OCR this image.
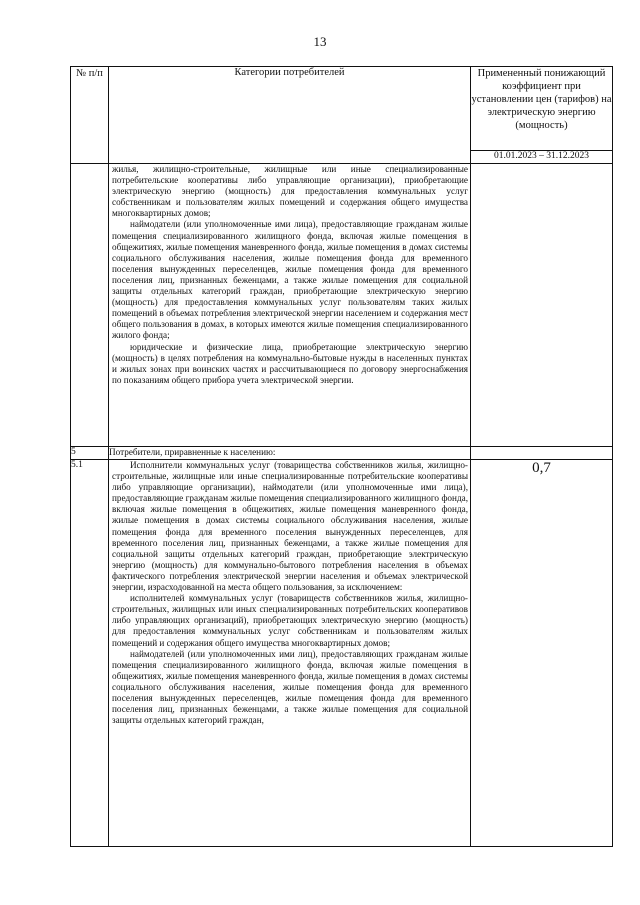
13
№ п/п	Категории потребителей	Примененный понижающий коэффициент при установлении цен (тарифов) на электрическую энергию (мощность)
		01.01.2023 – 31.12.2023

	жилья, жилищно-строительные, жилищные или иные специализированные потребительские кооперативы либо управляющие организации), приобретающие электрическую энергию (мощность) для предоставления коммунальных услуг собственникам и пользователям жилых помещений и содержания общего имущества многоквартирных домов;

наймодатели (или уполномоченные ими лица), предоставляющие гражданам жилые помещения специализированного жилищного фонда, включая жилые помещения в общежитиях, жилые помещения маневренного фонда, жилые помещения в домах системы социального обслуживания населения, жилые помещения фонда для временного поселения вынужденных переселенцев, жилые помещения фонда для временного поселения лиц, признанных беженцами, а также жилые помещения для социальной защиты отдельных категорий граждан, приобретающие электрическую энергию (мощность) для предоставления коммунальных услуг пользователям таких жилых помещений в объемах потребления электрической энергии населением и содержания мест общего пользования в домах, в которых имеются жилые помещения специализированного жилого фонда;

юридические и физические лица, приобретающие электрическую энергию (мощность) в целях потребления на коммунально-бытовые нужды в населенных пунктах и жилых зонах при воинских частях и рассчитывающиеся по договору энергоснабжения по показаниям общего прибора учета электрической энергии.	

5	Потребители, приравненные к населению:	
5.1	Исполнители коммунальных услуг (товарищества собственников жилья, жилищно-строительные, жилищные или иные специализированные потребительские кооперативы либо управляющие организации), наймодатели (или уполномоченные ими лица), предоставляющие гражданам жилые помещения специализированного жилищного фонда, включая жилые помещения в общежитиях, жилые помещения маневренного фонда, жилые помещения в домах системы социального обслуживания населения, жилые помещения фонда для временного поселения вынужденных переселенцев, для временного поселения лиц, признанных беженцами, а также жилые помещения для социальной защиты отдельных категорий граждан, приобретающие электрическую энергию (мощность) для коммунально-бытового потребления населения в объемах фактического потребления электрической энергии населения и объемах электрической энергии, израсходованной на места общего пользования, за исключением:

исполнителей коммунальных услуг (товариществ собственников жилья, жилищно-строительных, жилищных или иных специализированных потребительских кооперативов либо управляющих организаций), приобретающих электрическую энергию (мощность) для предоставления коммунальных услуг собственникам и пользователям жилых помещений и содержания общего имущества многоквартирных домов;

наймодателей (или уполномоченных ими лиц), предоставляющих гражданам жилые помещения специализированного жилищного фонда, включая жилые помещения в общежитиях, жилые помещения маневренного фонда, жилые помещения в домах системы социального обслуживания населения, жилые помещения фонда для временного поселения вынужденных переселенцев, жилые помещения фонда для временного поселения лиц, признанных беженцами, а также жилые помещения для социальной защиты отдельных категорий граждан,	0,7
